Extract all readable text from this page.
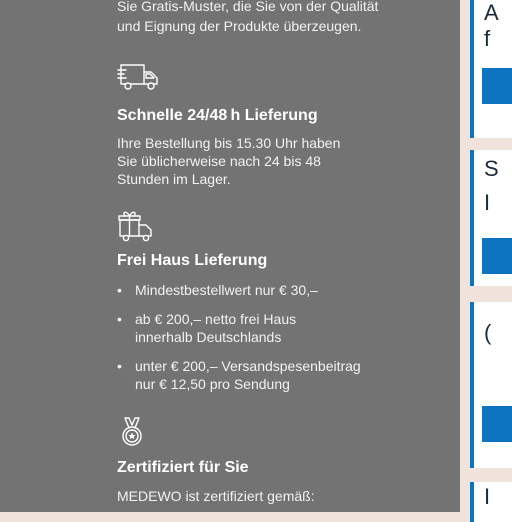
Sie Gratis-Muster, die Sie von der Qualität
und Eignung der Produkte überzeugen.
Schnelle 24/48 h Lieferung
Ihre Bestellung bis 15.30 Uhr haben
Sie üblicherweise nach 24 bis 48
Stunden im Lager.
Frei Haus Lieferung
• Mindestbestellwert nur € 30,–
• ab € 200,– netto frei Haus
innerhalb Deutschlands
• unter € 200,– Versandspesenbeitrag
nur € 12,50 pro Sendung
Zertifiziert für Sie
MEDEWO ist zertifiziert gemäß:
A
f
S
I
(
I
